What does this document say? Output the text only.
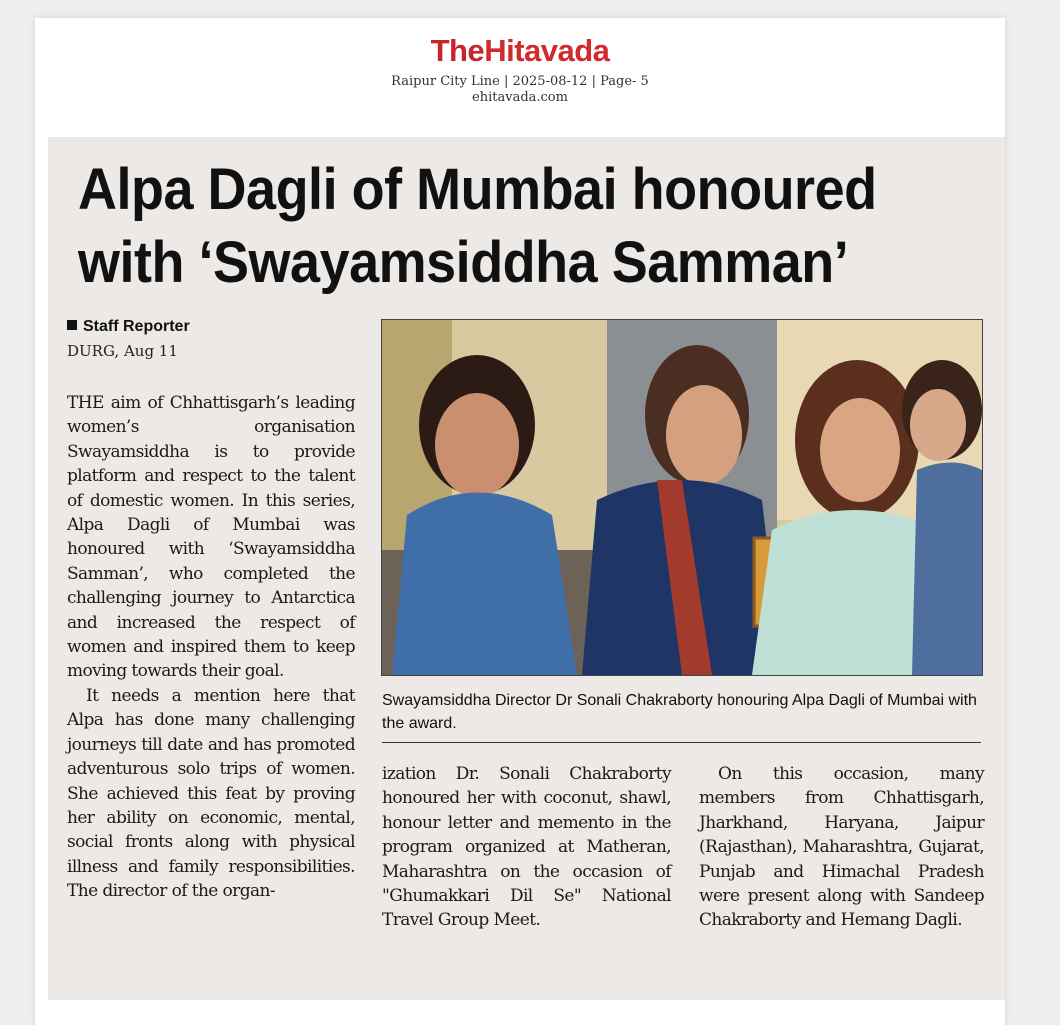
TheHitavada
Raipur City Line | 2025-08-12 | Page- 5
ehitavada.com
Alpa Dagli of Mumbai honoured
with ‘Swayamsiddha Samman’
Staff Reporter
DURG, Aug 11

THE aim of Chhattisgarh’s leading women’s organisation Swayamsiddha is to provide platform and respect to the talent of domestic women. In this series, Alpa Dagli of Mumbai was honoured with ‘Swayamsiddha Samman’, who completed the challenging journey to Antarctica and increased the respect of women and inspired them to keep moving towards their goal.

It needs a mention here that Alpa has done many challenging journeys till date and has promoted adventurous solo trips of women. She achieved this feat by proving her ability on economic, mental, social fronts along with physical illness and family responsibilities. The director of the organ-

Swayamsiddha Director Dr Sonali Chakraborty honouring Alpa Dagli of Mumbai with the award.

ization Dr. Sonali Chakraborty honoured her with coconut, shawl, honour letter and memento in the program organized at Matheran, Maharashtra on the occasion of "Ghumakkari Dil Se" National Travel Group Meet.

On this occasion, many members from Chhattisgarh, Jharkhand, Haryana, Jaipur (Rajasthan), Maharashtra, Gujarat, Punjab and Himachal Pradesh were present along with Sandeep Chakraborty and Hemang Dagli.
